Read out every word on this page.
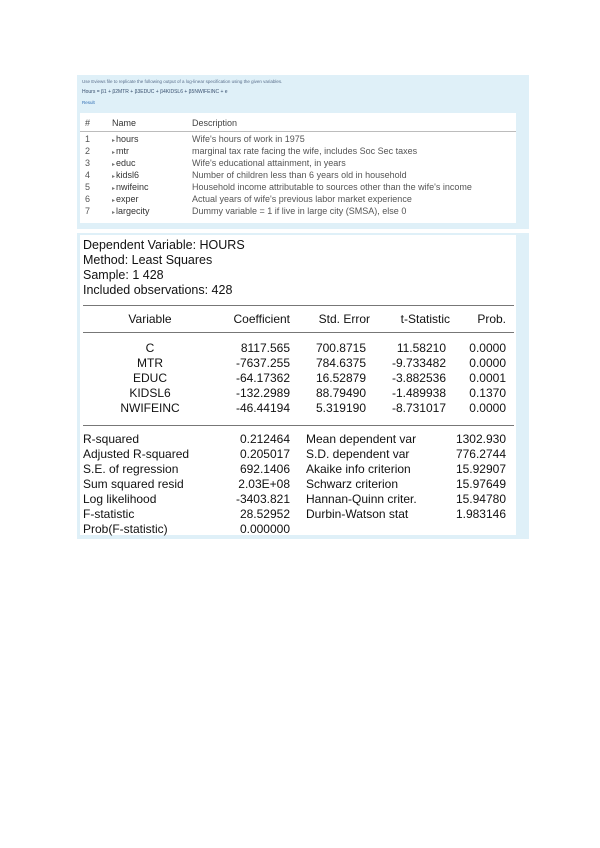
Use Eviews file to replicate the following output of a log-linear specification using the given variables.
Hours = β1 + β2MTR + β3EDUC + β4KIDSL6 + β5NWIFEINC + e
Result
# Name	Description
1	▸hours	Wife's hours of work in 1975
2	▸mtr	marginal tax rate facing the wife, includes Soc Sec taxes
3	▸educ	Wife's educational attainment, in years
4	▸kidsl6	Number of children less than 6 years old in household
5	▸nwifeinc	Household income attributable to sources other than the wife's income
6	▸exper	Actual years of wife's previous labor market experience
7	▸largecity	Dummy variable = 1 if live in large city (SMSA), else 0
Dependent Variable: HOURS
Method: Least Squares
Sample: 1 428
Included observations: 428
Variable	Coefficient	Std. Error	t-Statistic	Prob.
C	8117.565	700.8715	11.58210	0.0000
MTR	-7637.255	784.6375	-9.733482	0.0000
EDUC	-64.17362	16.52879	-3.882536	0.0001
KIDSL6	-132.2989	88.79490	-1.489938	0.1370
NWIFEINC	-46.44194	5.319190	-8.731017	0.0000
R-squared	0.212464 Mean dependent var	1302.930
Adjusted R-squared	0.205017 S.D. dependent var	776.2744
S.E. of regression	692.1406 Akaike info criterion	15.92907
Sum squared resid	2.03E+08 Schwarz criterion	15.97649
Log likelihood	-3403.821 Hannan-Quinn criter.	15.94780
F-statistic	28.52952 Durbin-Watson stat	1.983146
Prob(F-statistic)	0.000000
